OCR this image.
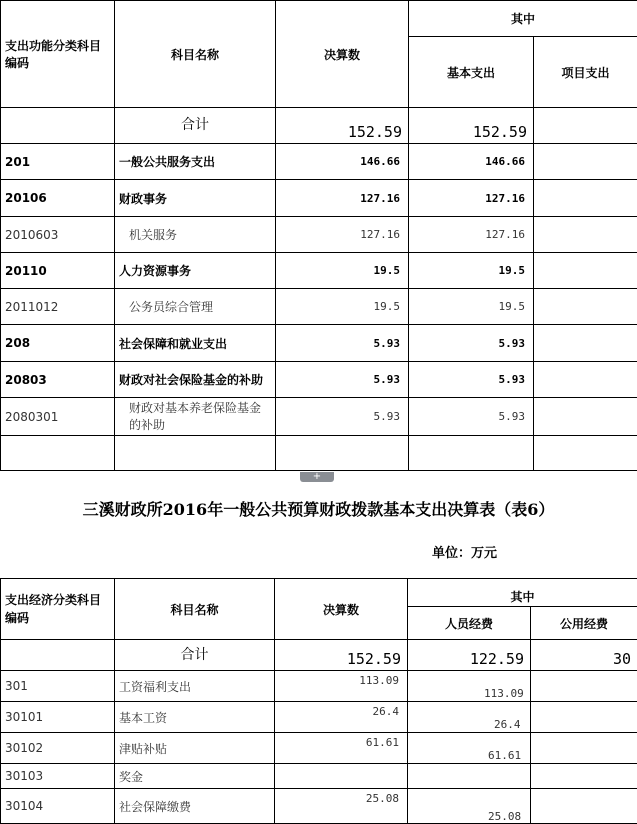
支出功能分类科目编码	科目名称	决算数	其中	
			基本支出	项目支出
	合计	152.59	152.59	
201	一般公共服务支出	146.66	146.66	
20106	财政事务	127.16	127.16	
2010603	机关服务	127.16	127.16	
20110	人力资源事务	19.5	19.5	
2011012	公务员综合管理	19.5	19.5	
208	社会保障和就业支出	5.93	5.93	
20803	财政对社会保险基金的补助	5.93	5.93	
2080301	财政对基本养老保险基金的补助	5.93	5.93	

+
三溪财政所2016年一般公共预算财政拨款基本支出决算表（表6）
单位：万元
支出经济分类科目编码	科目名称	决算数	其中	
			人员经费	公用经费
	合计	152.59	122.59	30
301	工资福利支出	113.09	113.09	
30101	基本工资	26.4	26.4	
30102	津贴补贴	61.61	61.61	
30103	奖金			
30104	社会保障缴费	25.08	25.08	
